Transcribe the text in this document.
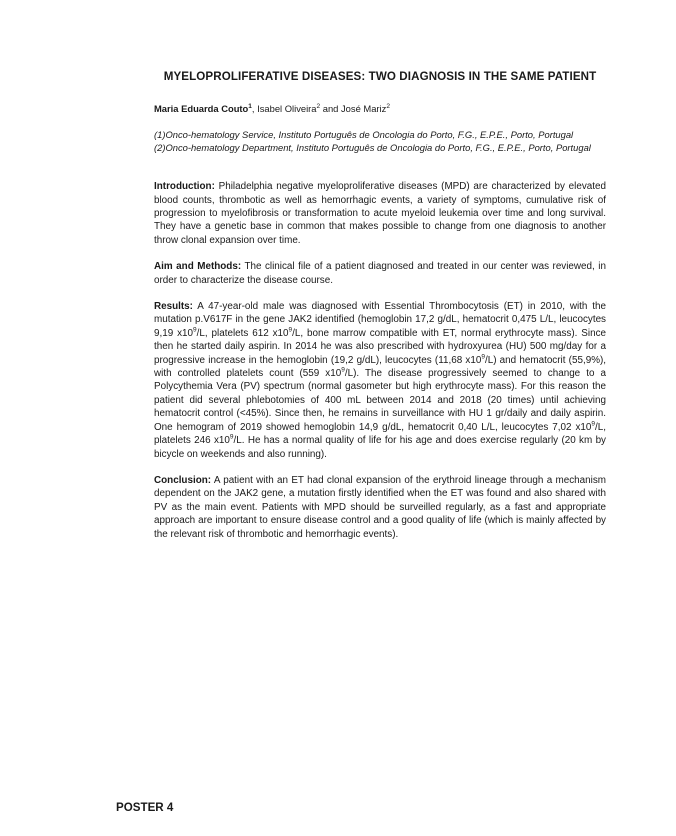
MYELOPROLIFERATIVE DISEASES: TWO DIAGNOSIS IN THE SAME PATIENT
Maria Eduarda Couto$^1$, Isabel Oliveira$^2$ and José Mariz$^2$
(1)Onco-hematology Service, Instituto Português de Oncologia do Porto, F.G., E.P.E., Porto, Portugal
(2)Onco-hematology Department, Instituto Português de Oncologia do Porto, F.G., E.P.E., Porto, Portugal

Introduction: Philadelphia negative myeloproliferative diseases (MPD) are characterized by elevated blood counts, thrombotic as well as hemorrhagic events, a variety of symptoms, cumulative risk of progression to myelofibrosis or transformation to acute myeloid leukemia over time and long survival. They have a genetic base in common that makes possible to change from one diagnosis to another throw clonal expansion over time.

Aim and Methods: The clinical file of a patient diagnosed and treated in our center was reviewed, in order to characterize the disease course.

Results: A 47-year-old male was diagnosed with Essential Thrombocytosis (ET) in 2010, with the mutation p.V617F in the gene JAK2 identified (hemoglobin 17,2 g/dL, hematocrit 0,475 L/L, leucocytes 9,19 $x10^9/L$, platelets 612 $x10^9/L$, bone marrow compatible with ET, normal erythrocyte mass). Since then he started daily aspirin. In 2014 he was also prescribed with hydroxyurea (HU) 500 mg/day for a progressive increase in the hemoglobin (19,2 g/dL), leucocytes (11,68 $x10^9/L$) and hematocrit (55,9%), with controlled platelets count (559 $x10^9/L$). The disease progressively seemed to change to a Polycythemia Vera (PV) spectrum (normal gasometer but high erythrocyte mass). For this reason the patient did several phlebotomies of 400 mL between 2014 and 2018 (20 times) until achieving hematocrit control (<45%). Since then, he remains in surveillance with HU 1 gr/daily and daily aspirin. One hemogram of 2019 showed hemoglobin 14,9 g/dL, hematocrit 0,40 L/L, leucocytes 7,02 $x10^9/L$, platelets 246 $x10^9/L$. He has a normal quality of life for his age and does exercise regularly (20 km by bicycle on weekends and also running).

Conclusion: A patient with an ET had clonal expansion of the erythroid lineage through a mechanism dependent on the JAK2 gene, a mutation firstly identified when the ET was found and also shared with PV as the main event. Patients with MPD should be surveilled regularly, as a fast and appropriate approach are important to ensure disease control and a good quality of life (which is mainly affected by the relevant risk of thrombotic and hemorrhagic events).

POSTER 4
